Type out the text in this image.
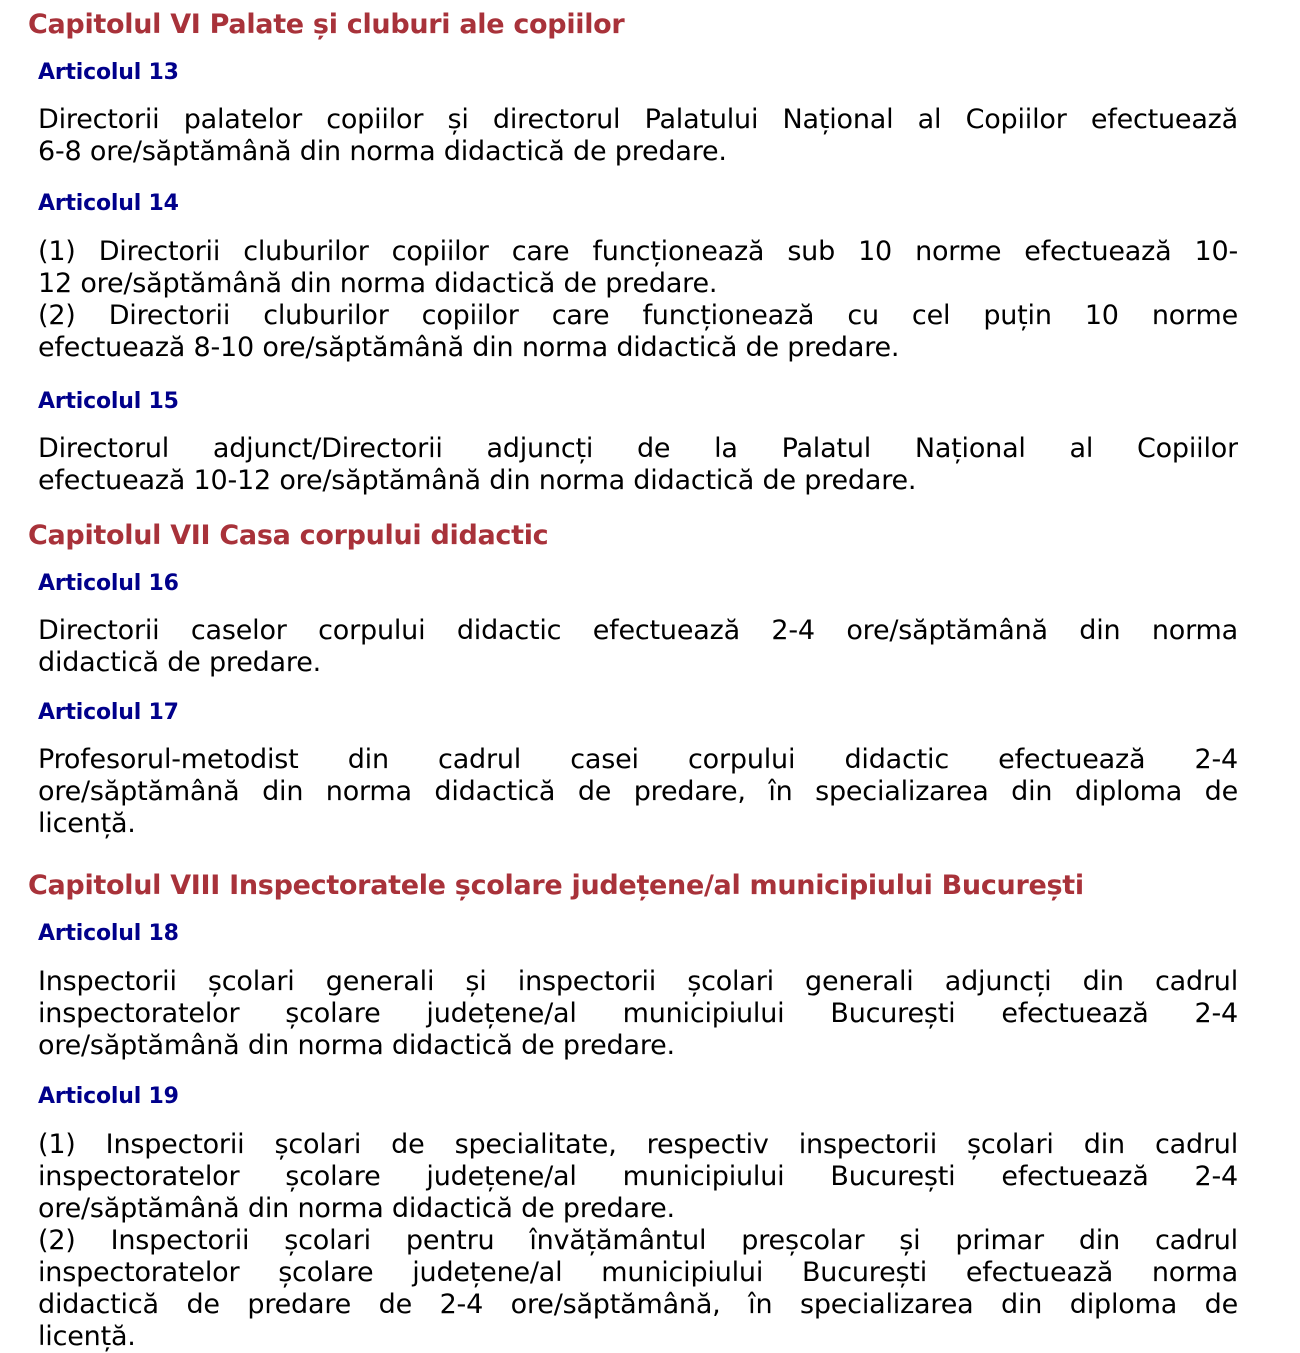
Capitolul VI Palate și cluburi ale copiilor
Articolul 13
Directorii palatelor copiilor și directorul Palatului Național al Copiilor efectuează
6-8 ore/săptămână din norma didactică de predare.
Articolul 14
(1) Directorii cluburilor copiilor care funcționează sub 10 norme efectuează 10-
12 ore/săptămână din norma didactică de predare.
(2) Directorii cluburilor copiilor care funcționează cu cel puțin 10 norme
efectuează 8-10 ore/săptămână din norma didactică de predare.
Articolul 15
Directorul adjunct/Directorii adjuncți de la Palatul Național al Copiilor
efectuează 10-12 ore/săptămână din norma didactică de predare.
Capitolul VII Casa corpului didactic
Articolul 16
Directorii caselor corpului didactic efectuează 2-4 ore/săptămână din norma
didactică de predare.
Articolul 17
Profesorul-metodist din cadrul casei corpului didactic efectuează 2-4
ore/săptămână din norma didactică de predare, în specializarea din diploma de
licență.
Capitolul VIII Inspectoratele școlare județene/al municipiului București
Articolul 18
Inspectorii școlari generali și inspectorii școlari generali adjuncți din cadrul
inspectoratelor școlare județene/al municipiului București efectuează 2-4
ore/săptămână din norma didactică de predare.
Articolul 19
(1) Inspectorii școlari de specialitate, respectiv inspectorii școlari din cadrul
inspectoratelor școlare județene/al municipiului București efectuează 2-4
ore/săptămână din norma didactică de predare.
(2) Inspectorii școlari pentru învățământul preșcolar și primar din cadrul
inspectoratelor școlare județene/al municipiului București efectuează norma
didactică de predare de 2-4 ore/săptămână, în specializarea din diploma de
licență.
